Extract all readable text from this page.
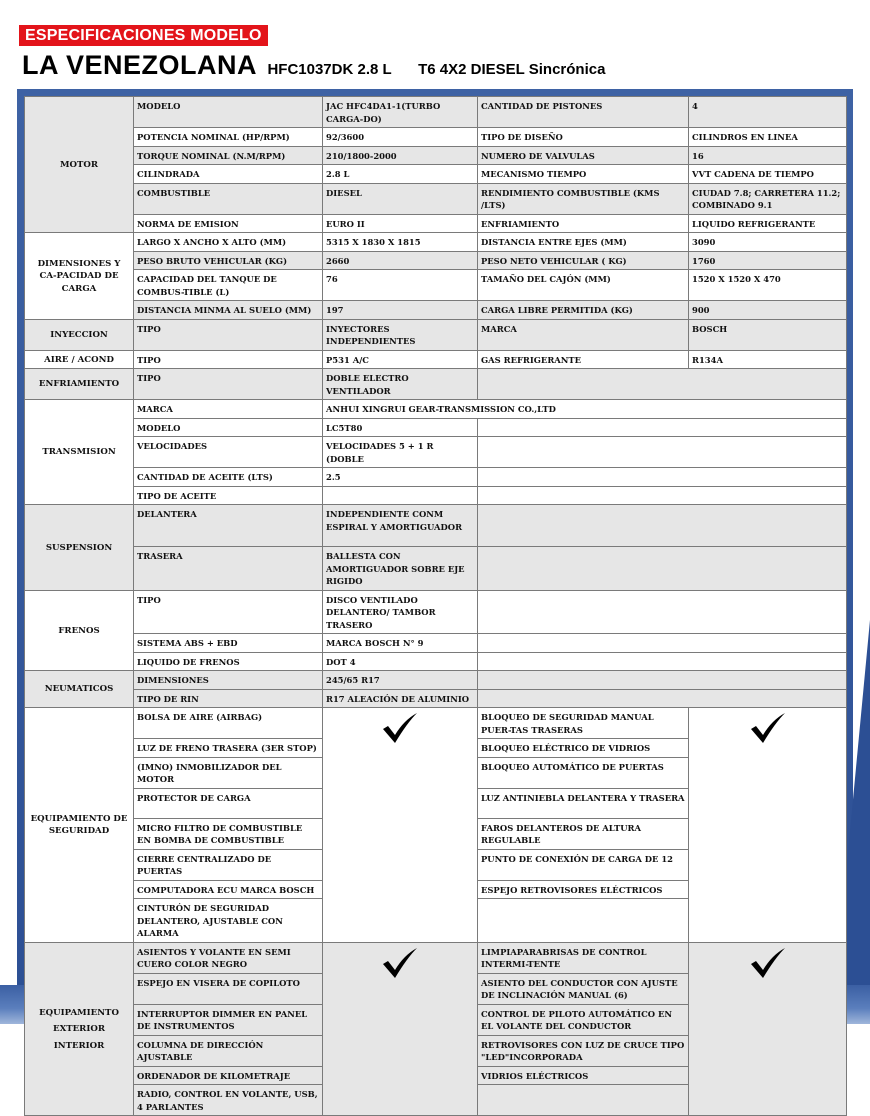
ESPECIFICACIONES MODELO
LA VENEZOLANA HFC1037DK 2.8 L T6 4X2 DIESEL Sincrónica
MOTOR	MODELO	JAC HFC4DA1-1(TURBO CARGA-DO)	CANTIDAD DE PISTONES	4
	POTENCIA NOMINAL (HP/RPM)	92/3600	TIPO DE DISEÑO	CILINDROS EN LINEA
	TORQUE NOMINAL (N.M/RPM)	210/1800-2000	NUMERO DE VALVULAS	16
	CILINDRADA	2.8 L	MECANISMO TIEMPO	VVT CADENA DE TIEMPO
	COMBUSTIBLE	DIESEL	RENDIMIENTO COMBUSTIBLE (KMS /LTS)	CIUDAD 7.8; CARRETERA 11.2; COMBINADO 9.1
	NORMA DE EMISION	EURO II	ENFRIAMIENTO	LIQUIDO REFRIGERANTE
DIMENSIONES Y CA-PACIDAD DE CARGA	LARGO X ANCHO X ALTO (MM)	5315 X 1830 X 1815	DISTANCIA ENTRE EJES (MM)	3090
	PESO BRUTO VEHICULAR (KG)	2660	PESO NETO VEHICULAR ( KG)	1760
	CAPACIDAD DEL TANQUE DE COMBUS-TIBLE (L)	76	TAMAÑO DEL CAJÓN (MM)	1520 X 1520 X 470
	DISTANCIA MINMA AL SUELO (MM)	197	CARGA LIBRE PERMITIDA (KG)	900
INYECCION	TIPO	INYECTORES INDEPENDIENTES	MARCA	BOSCH
AIRE / ACOND	TIPO	P531 A/C	GAS REFRIGERANTE	R134A
ENFRIAMIENTO	TIPO	DOBLE ELECTRO VENTILADOR		
TRANSMISION	MARCA	ANHUI XINGRUI GEAR-TRANSMISSION CO.,LTD		
	MODELO	LC5T80		
	VELOCIDADES	VELOCIDADES 5 + 1 R (DOBLE		
	CANTIDAD DE ACEITE (LTS)	2.5		
	TIPO DE ACEITE			
SUSPENSION	DELANTERA	INDEPENDIENTE CONM ESPIRAL Y AMORTIGUADOR		
	TRASERA	BALLESTA CON AMORTIGUADOR SOBRE EJE RIGIDO		
FRENOS	TIPO	DISCO VENTILADO DELANTERO/ TAMBOR TRASERO		
	SISTEMA ABS + EBD	MARCA BOSCH N° 9		
	LIQUIDO DE FRENOS	DOT 4		
NEUMATICOS	DIMENSIONES	245/65 R17		
	TIPO DE RIN	R17 ALEACIÓN DE ALUMINIO		
EQUIPAMIENTO DE SEGURIDAD	BOLSA DE AIRE (AIRBAG)		BLOQUEO DE SEGURIDAD MANUAL PUER-TAS TRASERAS	
	LUZ DE FRENO TRASERA (3ER STOP)		BLOQUEO ELÉCTRICO DE VIDRIOS	
	(IMNO) INMOBILIZADOR DEL MOTOR		BLOQUEO AUTOMÁTICO DE PUERTAS	
	PROTECTOR DE CARGA		LUZ ANTINIEBLA DELANTERA Y TRASERA	
	MICRO FILTRO DE COMBUSTIBLE EN BOMBA DE COMBUSTIBLE		FAROS DELANTEROS DE ALTURA REGULABLE	
	CIERRE CENTRALIZADO DE PUERTAS		PUNTO DE CONEXIÓN DE CARGA DE 12	
	COMPUTADORA ECU MARCA BOSCH		ESPEJO RETROVISORES ELÉCTRICOS	
	CINTURÓN DE SEGURIDAD DELANTERO, AJUSTABLE CON ALARMA			

EQUIPAMIENTO
EXTERIOR
INTERIOR	ASIENTOS Y VOLANTE EN SEMI CUERO COLOR NEGRO		LIMPIAPARABRISAS DE CONTROL INTERMI-TENTE	
	ESPEJO EN VISERA DE COPILOTO		ASIENTO DEL CONDUCTOR CON AJUSTE DE INCLINACIÓN MANUAL (6)	
	INTERRUPTOR DIMMER EN PANEL DE INSTRUMENTOS		CONTROL DE PILOTO AUTOMÁTICO EN EL VOLANTE DEL CONDUCTOR	
	COLUMNA DE DIRECCIÓN AJUSTABLE		RETROVISORES CON LUZ DE CRUCE TIPO "LED"INCORPORADA	
	ORDENADOR DE KILOMETRAJE		VIDRIOS ELÉCTRICOS	
	RADIO, CONTROL EN VOLANTE, USB, 4 PARLANTES			
